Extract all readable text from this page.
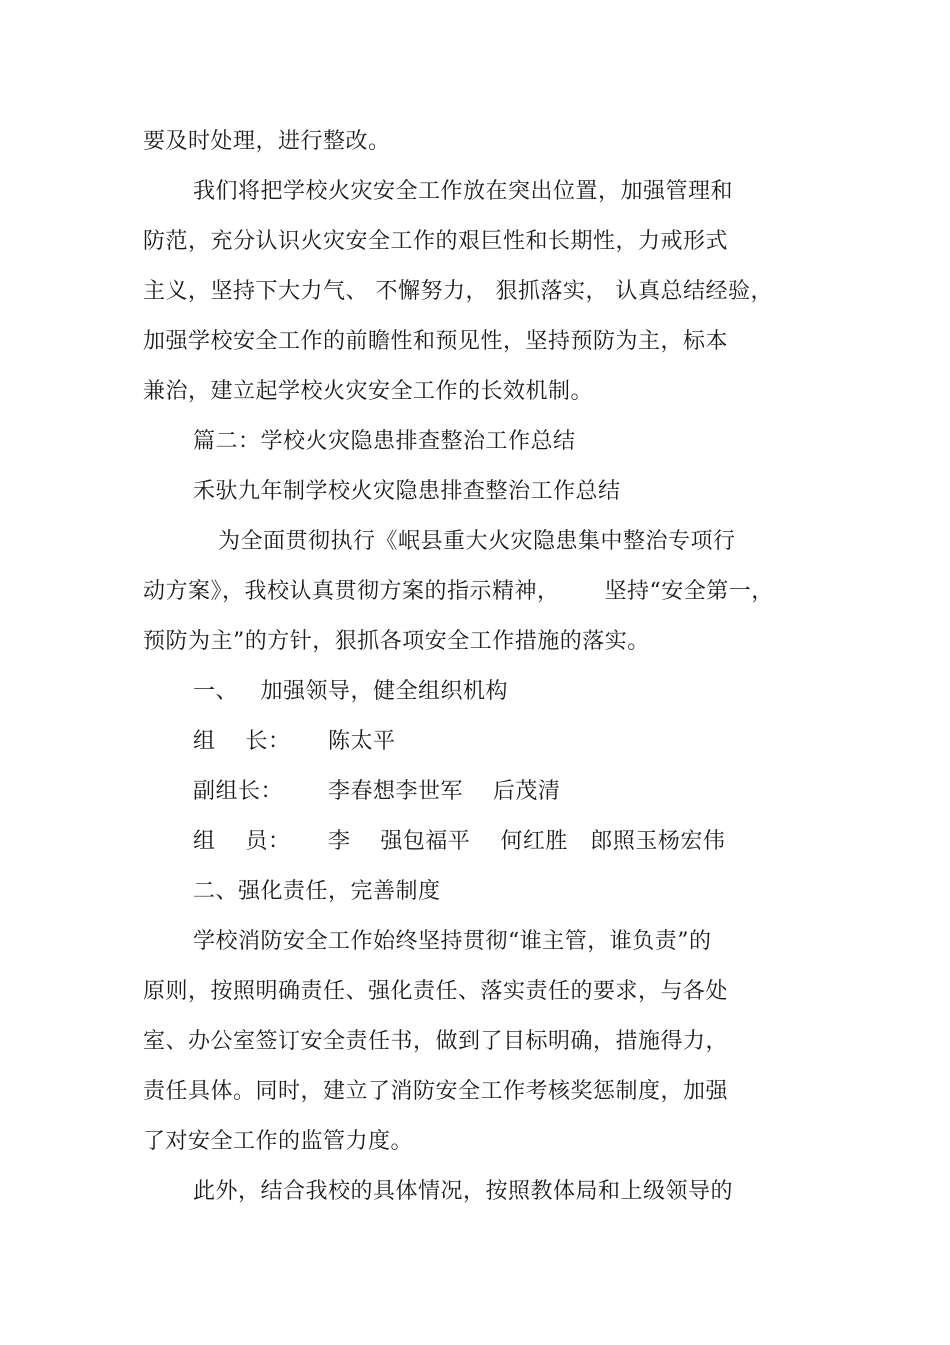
要及时处理，进行整改。
我们将把学校火灾安全工作放在突出位置，加强管理和
防范，充分认识火灾安全工作的艰巨性和长期性，力戒形式
主义，坚持下大力气、 不懈努力， 狠抓落实， 认真总结经验，
加强学校安全工作的前瞻性和预见性，坚持预防为主，标本
兼治，建立起学校火灾安全工作的长效机制。
篇二：学校火灾隐患排查整治工作总结
禾驮九年制学校火灾隐患排查整治工作总结
为全面贯彻执行《岷县重大火灾隐患集中整治专项行
动方案》，我校认真贯彻方案的指示精神，      坚持“安全第一，
预防为主”的方针，狠抓各项安全工作措施的落实。
一、   加强领导，健全组织机构
组    长：     陈太平
副组长：      李春想李世军    后茂清
组    员：     李    强包福平    何红胜   郎照玉杨宏伟
二、强化责任，完善制度
学校消防安全工作始终坚持贯彻“谁主管，谁负责”的
原则，按照明确责任、强化责任、落实责任的要求，与各处
室、办公室签订安全责任书，做到了目标明确，措施得力，
责任具体。同时，建立了消防安全工作考核奖惩制度，加强
了对安全工作的监管力度。
此外，结合我校的具体情况，按照教体局和上级领导的
